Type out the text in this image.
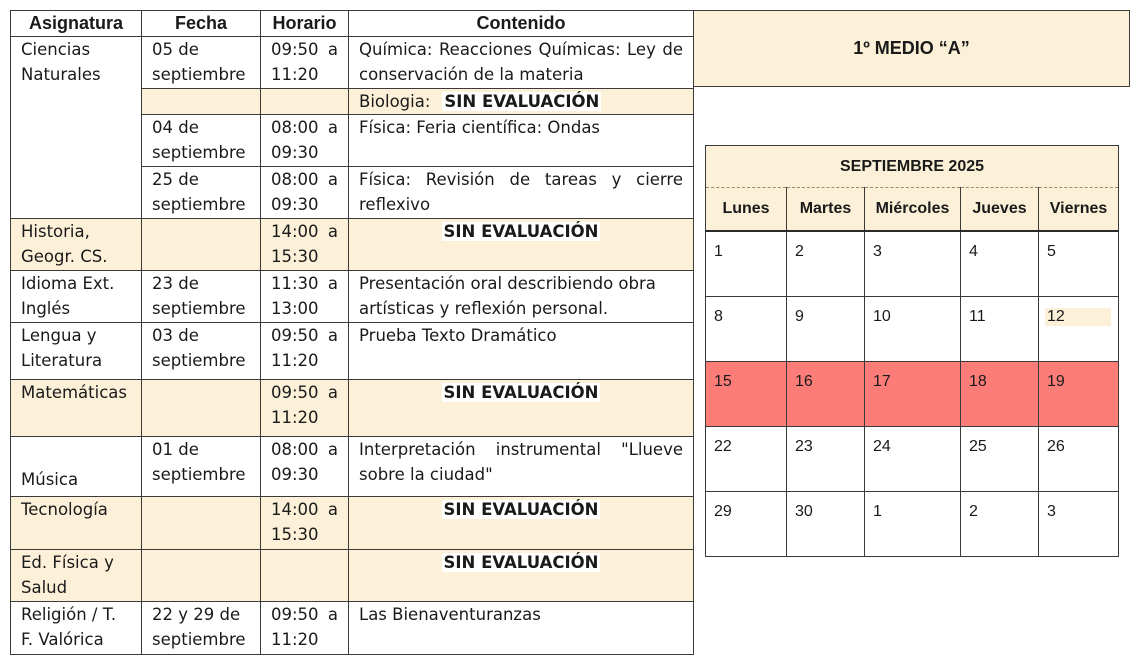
Asignatura	Fecha	Horario	Contenido
Ciencias Naturales	05 de septiembre	09:50 a 11:20	Química: Reacciones Químicas: Ley de conservación de la materia
			Biologia: SIN EVALUACIÓN
	04 de septiembre	08:00 a 09:30	Física: Feria científica: Ondas
	25 de septiembre	08:00 a 09:30	Física: Revisión de tareas y cierre reflexivo
Historia, Geogr. CS.		14:00 a 15:30	SIN EVALUACIÓN
Idioma Ext. Inglés	23 de septiembre	11:30 a 13:00	Presentación oral describiendo obra artísticas y reflexión personal.
Lengua y Literatura	03 de septiembre	09:50 a 11:20	Prueba Texto Dramático
Matemáticas		09:50 a 11:20	SIN EVALUACIÓN
Música	01 de septiembre	08:00 a 09:30	Interpretación instrumental "Llueve sobre la ciudad"
Tecnología		14:00 a 15:30	SIN EVALUACIÓN
Ed. Física y Salud			SIN EVALUACIÓN
Religión / T. F. Valórica	22 y 29 de septiembre	09:50 a 11:20	Las Bienaventuranzas
1º MEDIO “A”
SEPTIEMBRE 2025				
Lunes	Martes	Miércoles	Jueves	Viernes
1	2	3	4	5
8	9	10	11	12
15	16	17	18	19
22	23	24	25	26
29	30	1	2	3
